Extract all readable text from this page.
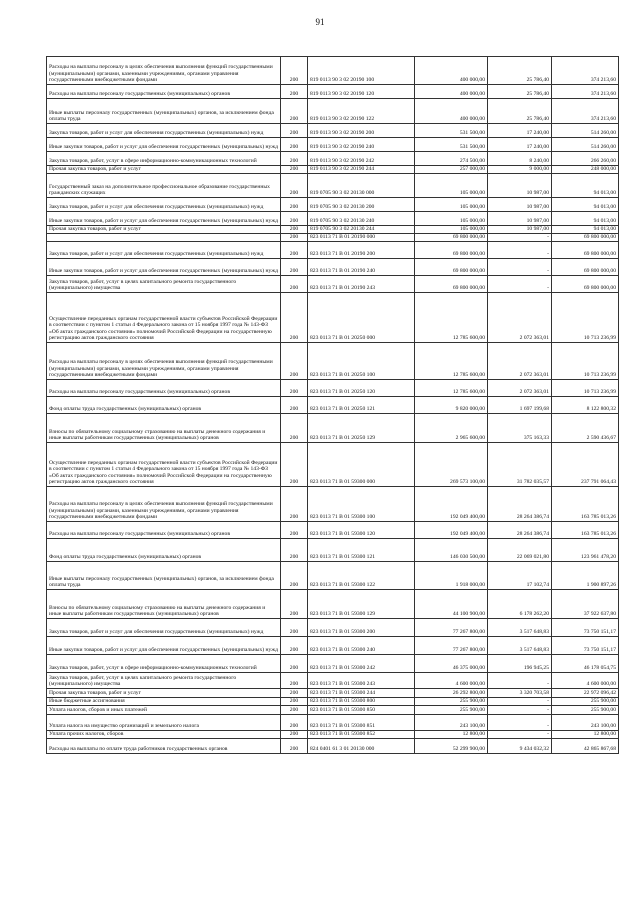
91
Расходы на выплаты персоналу в целях обеспечения выполнения функций государственными (муниципальными) органами, казенными учреждениями, органами управления государственными внебюджетными фондами	200	819 0113 90 3 02 20190 100	400 000,00	25 786,40	374 213,60
Расходы на выплаты персоналу государственных (муниципальных) органов	200	819 0113 90 3 02 20190 120	400 000,00	25 786,40	374 213,60
Иные выплаты персоналу государственных (муниципальных) органов, за исключением фонда оплаты труда	200	819 0113 90 3 02 20190 122	400 000,00	25 786,40	374 213,60
Закупка товаров, работ и услуг для обеспечения государственных (муниципальных) нужд	200	819 0113 90 3 02 20190 200	531 500,00	17 240,00	514 260,00
Иные закупки товаров, работ и услуг для обеспечения государственных (муниципальных) нужд	200	819 0113 90 3 02 20190 240	531 500,00	17 240,00	514 260,00
Закупка товаров, работ, услуг в сфере информационно-коммуникационных технологий	200	819 0113 90 3 02 20190 242	274 500,00	8 240,00	266 260,00
Прочая закупка товаров, работ и услуг	200	819 0113 90 3 02 20190 244	257 000,00	9 000,00	248 000,00
Государственный заказ на дополнительное профессиональное образование государственных гражданских служащих	200	819 0705 90 3 02 20130 000	105 000,00	10 987,00	94 013,00
Закупка товаров, работ и услуг для обеспечения государственных (муниципальных) нужд	200	819 0705 90 3 02 20130 200	105 000,00	10 987,00	94 013,00
Иные закупки товаров, работ и услуг для обеспечения государственных (муниципальных) нужд	200	819 0705 90 3 02 20130 240	105 000,00	10 987,00	94 013,00
Прочая закупка товаров, работ и услуг	200	819 0705 90 3 02 20130 244	105 000,00	10 987,00	94 013,00
	200	823 0113 71 В 01 20190 000	69 800 000,00	-	69 800 000,00
Закупка товаров, работ и услуг для обеспечения государственных (муниципальных) нужд	200	823 0113 71 В 01 20190 200	69 800 000,00	-	69 800 000,00
Иные закупки товаров, работ и услуг для обеспечения государственных (муниципальных) нужд	200	823 0113 71 В 01 20190 240	69 800 000,00	-	69 800 000,00
Закупка товаров, работ, услуг в целях капитального ремонта государственного (муниципального) имущества	200	823 0113 71 В 01 20190 243	69 800 000,00	-	69 800 000,00
Осуществление переданных органам государственной власти субъектов Российской Федерации в соответствии с пунктом 1 статьи 4 Федерального закона от 15 ноября 1997 года № 143-ФЗ «Об актах гражданского состояния» полномочий Российской Федерации на государственную регистрацию актов гражданского состояния	200	823 0113 71 В 01 20250 000	12 785 600,00	2 072 363,01	10 713 236,99
Расходы на выплаты персоналу в целях обеспечения выполнения функций государственными (муниципальными) органами, казенными учреждениями, органами управления государственными внебюджетными фондами	200	823 0113 71 В 01 20250 100	12 785 600,00	2 072 363,01	10 713 236,99
Расходы на выплаты персоналу государственных (муниципальных) органов	200	823 0113 71 В 01 20250 120	12 785 600,00	2 072 363,01	10 713 236,99
Фонд оплаты труда государственных (муниципальных) органов	200	823 0113 71 В 01 20250 121	9 820 000,00	1 697 199,68	8 122 800,32
Взносы по обязательному социальному страхованию на выплаты денежного содержания и иные выплаты работникам государственных (муниципальных) органов	200	823 0113 71 В 01 20250 129	2 965 600,00	375 163,33	2 590 436,67
Осуществление переданных органам государственной власти субъектов Российской Федерации в соответствии с пунктом 1 статьи 4 Федерального закона от 15 ноября 1997 года № 143-ФЗ «Об актах гражданского состояния» полномочий Российской Федерации на государственную регистрацию актов гражданского состояния	200	823 0113 71 В 01 59300 000	269 573 100,00	31 782 035,57	237 791 064,43
Расходы на выплаты персоналу в целях обеспечения выполнения функций государственными (муниципальными) органами, казенными учреждениями, органами управления государственными внебюджетными фондами	200	823 0113 71 В 01 59300 100	192 049 400,00	28 264 386,74	163 785 013,26
Расходы на выплаты персоналу государственных (муниципальных) органов	200	823 0113 71 В 01 59300 120	192 049 400,00	28 264 386,74	163 785 013,26
Фонд оплаты труда государственных (муниципальных) органов	200	823 0113 71 В 01 59300 121	146 030 500,00	22 069 021,80	123 961 478,20
Иные выплаты персоналу государственных (муниципальных) органов, за исключением фонда оплаты труда	200	823 0113 71 В 01 59300 122	1 918 000,00	17 102,74	1 900 897,26
Взносы по обязательному социальному страхованию на выплаты денежного содержания и иные выплаты работникам государственных (муниципальных) органов	200	823 0113 71 В 01 59300 129	44 100 900,00	6 178 262,20	37 922 637,80
Закупка товаров, работ и услуг для обеспечения государственных (муниципальных) нужд	200	823 0113 71 В 01 59300 200	77 267 800,00	3 517 648,83	73 750 151,17
Иные закупки товаров, работ и услуг для обеспечения государственных (муниципальных) нужд	200	823 0113 71 В 01 59300 240	77 267 800,00	3 517 648,83	73 750 151,17
Закупка товаров, работ, услуг в сфере информационно-коммуникационных технологий	200	823 0113 71 В 01 59300 242	46 375 000,00	196 945,25	46 178 054,75
Закупка товаров, работ, услуг в целях капитального ремонта государственного (муниципального) имущества	200	823 0113 71 В 01 59300 243	4 600 000,00	-	4 600 000,00
Прочая закупка товаров, работ и услуг	200	823 0113 71 В 01 59300 244	26 292 800,00	3 320 703,58	22 972 096,42
Иные бюджетные ассигнования	200	823 0113 71 В 01 59300 800	255 900,00	-	255 900,00
Уплата налогов, сборов и иных платежей	200	823 0113 71 В 01 59300 850	255 900,00	-	255 900,00
Уплата налога на имущество организаций и земельного налога	200	823 0113 71 В 01 59300 851	243 100,00	-	243 100,00
Уплата прочих налогов, сборов	200	823 0113 71 В 01 59300 852	12 800,00	-	12 800,00
Расходы на выплаты по оплате труда работников государственных органов	200	824 0401 61 3 01 20130 000	52 299 900,00	9 434 032,32	42 865 867,68
